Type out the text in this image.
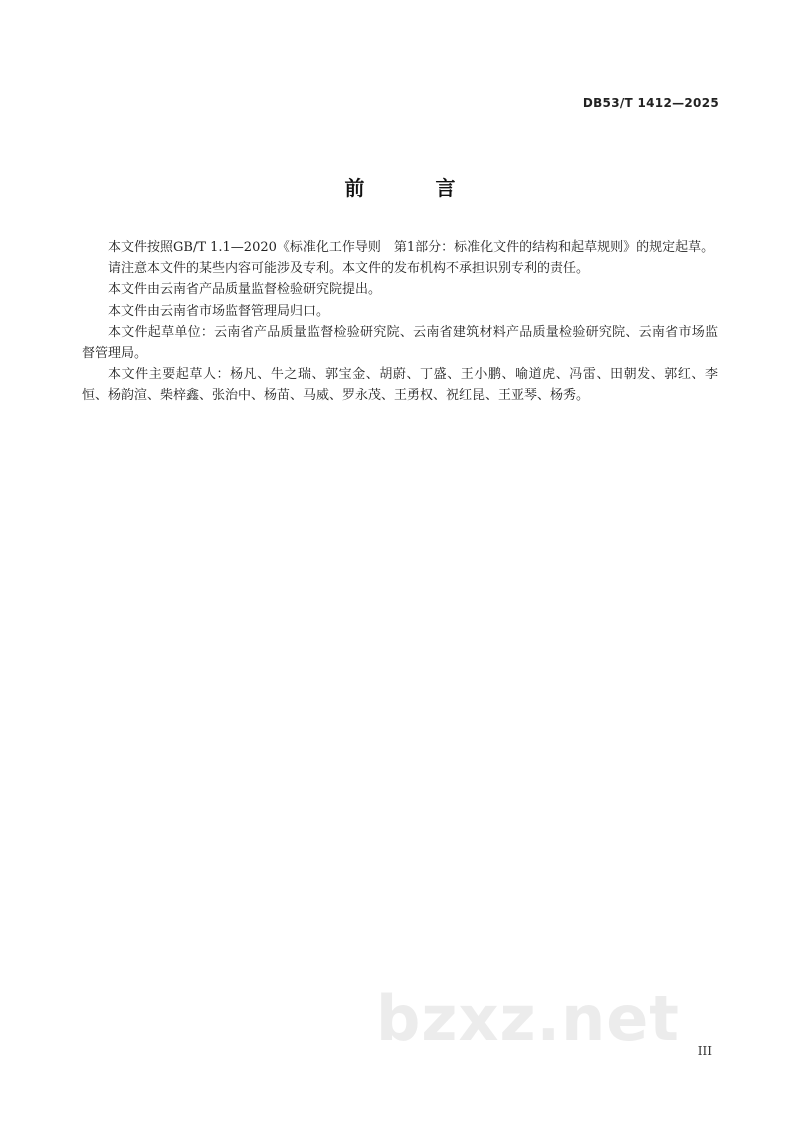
DB53/T 1412—2025
前 言

本文件按照GB/T 1.1—2020《标准化工作导则　第1部分：标准化文件的结构和起草规则》的规定起草。

请注意本文件的某些内容可能涉及专利。本文件的发布机构不承担识别专利的责任。

本文件由云南省产品质量监督检验研究院提出。

本文件由云南省市场监督管理局归口。

本文件起草单位：云南省产品质量监督检验研究院、云南省建筑材料产品质量检验研究院、云南省市场监督管理局。

本文件主要起草人：杨凡、牛之瑞、郭宝金、胡蔚、丁盛、王小鹏、喻道虎、冯雷、田朝发、郭红、李恒、杨韵渲、柴梓鑫、张治中、杨苗、马威、罗永茂、王勇权、祝红昆、王亚琴、杨秀。

bzxz.net III
